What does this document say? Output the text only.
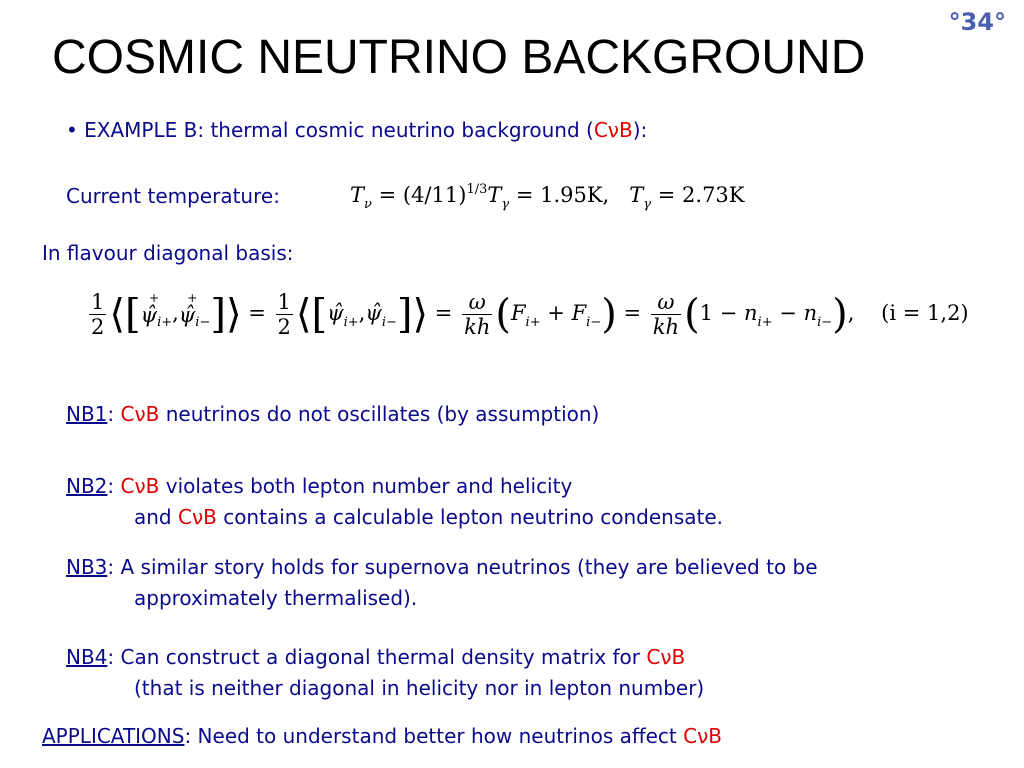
°34°
COSMIC NEUTRINO BACKGROUND
• EXAMPLE B: thermal cosmic neutrino background (CνB):
Current temperature:	$T_\nu = (4/11)^{1/3}T_\gamma = 1.95K$, $T_\gamma = 2.73K$
In flavour diagonal basis:
$\frac{1}{2}$ ⟨[ψ̂
+
$_{i+}$,ψ̂
+
$_{i-}$]⟩ = $\frac{1}{2}$ $⟨[\psî_{i+},\psî_{i-}]⟩ = \frac{\omega}{kh} (F_{i+} + F_{i-}) = \frac{\omega}{kh} (1 - n_{i+} - n_{i-})$,    (i = 1,2)
NB1: CνB neutrinos do not oscillates (by assumption)
NB2: CνB violates both lepton number and helicity
and CνB contains a calculable lepton neutrino condensate.
NB3: A similar story holds for supernova neutrinos (they are believed to be
approximately thermalised).
NB4: Can construct a diagonal thermal density matrix for CνB
(that is neither diagonal in helicity nor in lepton number)
APPLICATIONS: Need to understand better how neutrinos affect CνB
